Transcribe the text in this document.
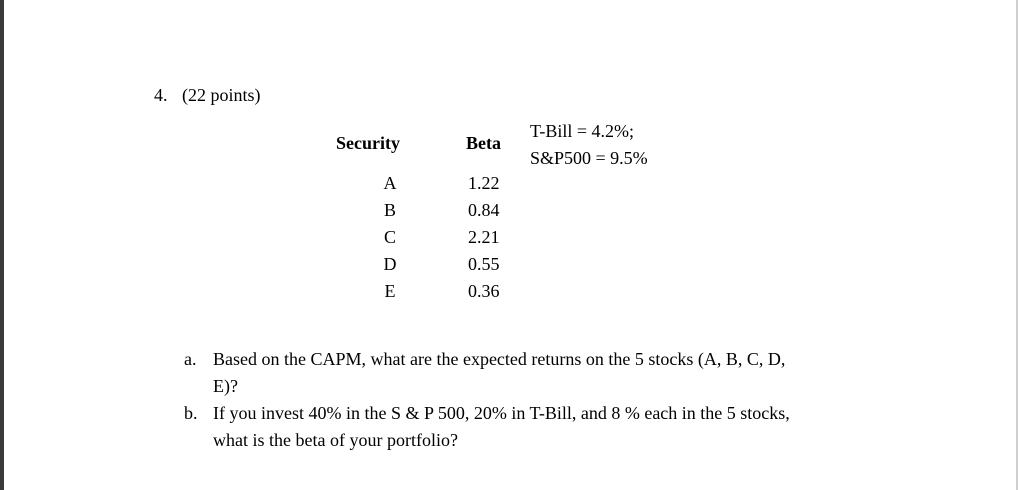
4. (22 points)
Security	Beta
T-Bill = 4.2%;
S&P500 = 9.5%
A	1.22
B	0.84
C	2.21
D	0.55
E	0.36
a. Based on the CAPM, what are the expected returns on the 5 stocks (A, B, C, D,
E)?
b. If you invest 40% in the S & P 500, 20% in T-Bill, and 8 % each in the 5 stocks,
what is the beta of your portfolio?
